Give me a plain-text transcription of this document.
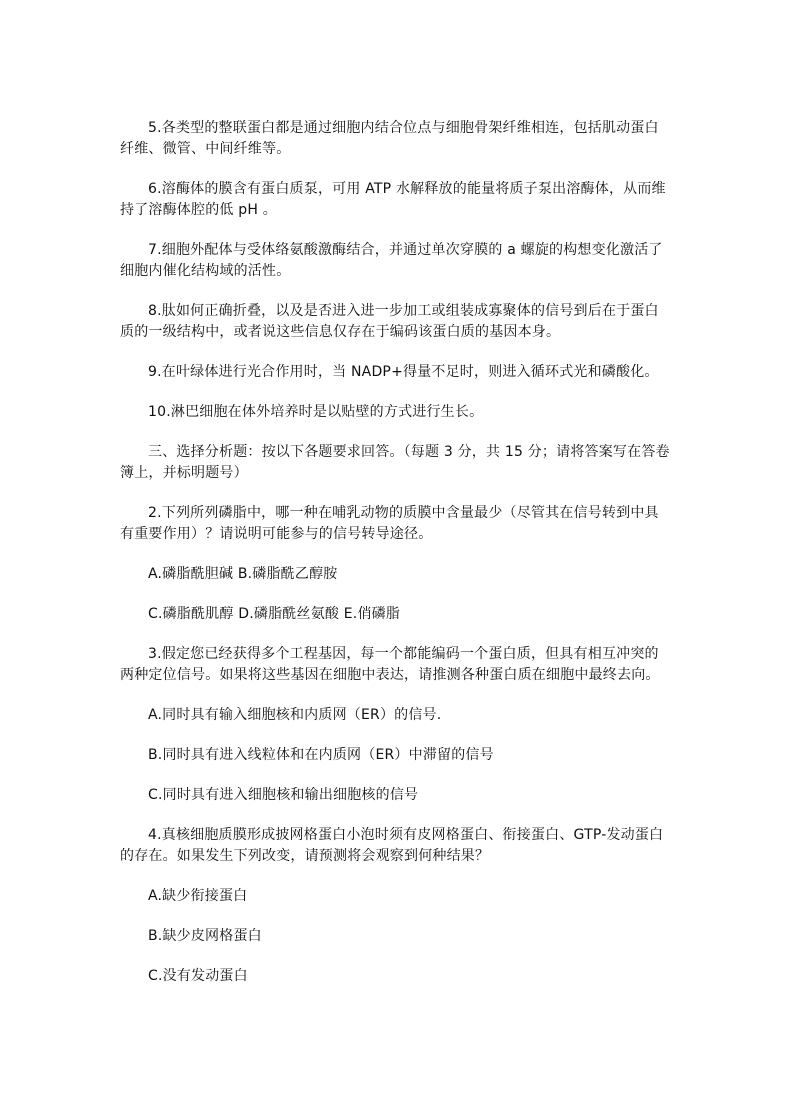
5.各类型的整联蛋白都是通过细胞内结合位点与细胞骨架纤维相连，包括肌动蛋白纤维、微管、中间纤维等。

6.溶酶体的膜含有蛋白质泵，可用 ATP 水解释放的能量将质子泵出溶酶体，从而维持了溶酶体腔的低 pH 。

7.细胞外配体与受体络氨酸激酶结合，并通过单次穿膜的 a 螺旋的构想变化激活了细胞内催化结构域的活性。

8.肽如何正确折叠，以及是否进入进一步加工或组装成寡聚体的信号到后在于蛋白质的一级结构中，或者说这些信息仅存在于编码该蛋白质的基因本身。

9.在叶绿体进行光合作用时，当 NADP+得量不足时，则进入循环式光和磷酸化。

10.淋巴细胞在体外培养时是以贴壁的方式进行生长。

三、选择分析题：按以下各题要求回答。（每题 3 分，共 15 分；请将答案写在答卷簿上，并标明题号）

2.下列所列磷脂中，哪一种在哺乳动物的质膜中含量最少（尽管其在信号转到中具有重要作用）？请说明可能参与的信号转导途径。

A.磷脂酰胆碱 B.磷脂酰乙醇胺

C.磷脂酰肌醇 D.磷脂酰丝氨酸 E.俏磷脂

3.假定您已经获得多个工程基因，每一个都能编码一个蛋白质，但具有相互冲突的两种定位信号。如果将这些基因在细胞中表达，请推测各种蛋白质在细胞中最终去向。

A.同时具有输入细胞核和内质网（ER）的信号.

B.同时具有进入线粒体和在内质网（ER）中滞留的信号

C.同时具有进入细胞核和输出细胞核的信号

4.真核细胞质膜形成披网格蛋白小泡时须有皮网格蛋白、衔接蛋白、GTP-发动蛋白的存在。如果发生下列改变，请预测将会观察到何种结果？

A.缺少衔接蛋白

B.缺少皮网格蛋白

C.没有发动蛋白
